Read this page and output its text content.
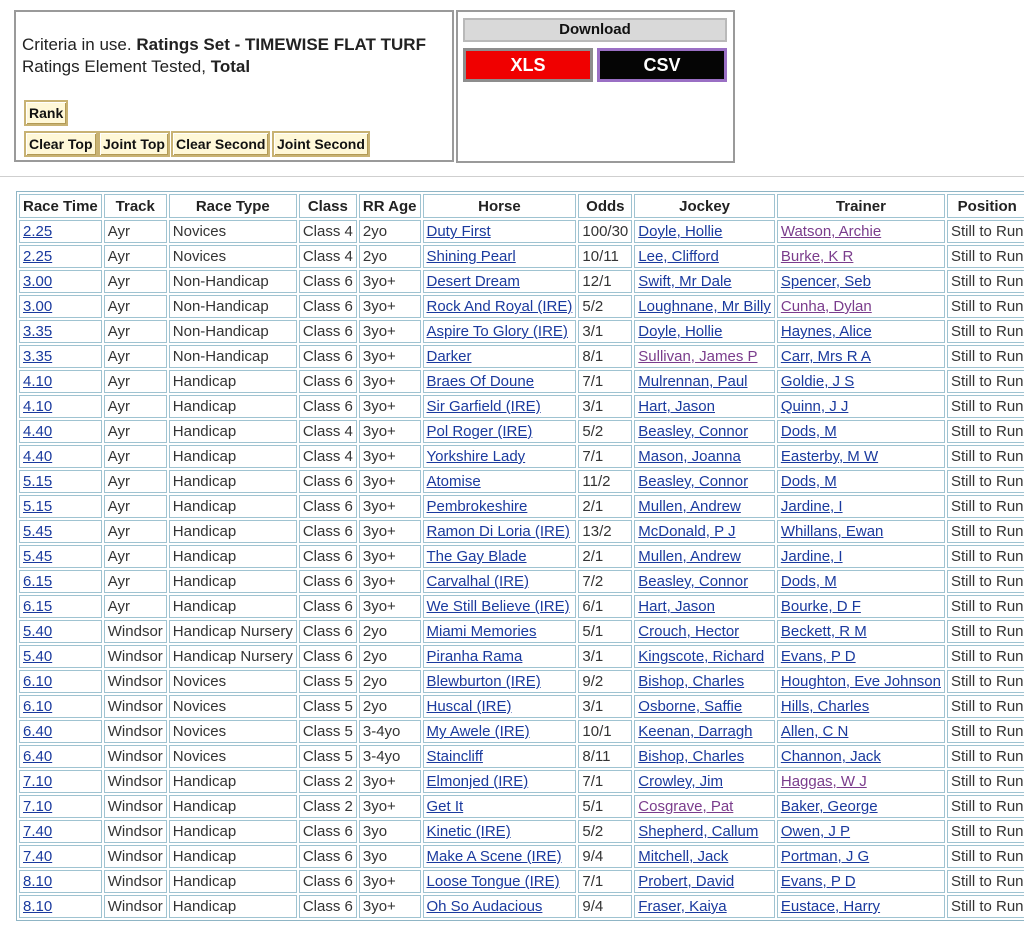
Criteria in use. Ratings Set - TIMEWISE FLAT TURF
Ratings Element Tested, Total
Rank
Clear Top Joint Top Clear Second Joint Second
Download
XLS	CSV
Race Time	Track	Race Type	Class	RR Age	Horse	Odds	Jockey	Trainer	Position
2.25	Ayr	Novices	Class 4	2yo	Duty First	100/30	Doyle, Hollie	Watson, Archie	Still to Run
2.25	Ayr	Novices	Class 4	2yo	Shining Pearl	10/11	Lee, Clifford	Burke, K R	Still to Run
3.00	Ayr	Non-Handicap	Class 6	3yo+	Desert Dream	12/1	Swift, Mr Dale	Spencer, Seb	Still to Run
3.00	Ayr	Non-Handicap	Class 6	3yo+	Rock And Royal (IRE)	5/2	Loughnane, Mr Billy	Cunha, Dylan	Still to Run
3.35	Ayr	Non-Handicap	Class 6	3yo+	Aspire To Glory (IRE)	3/1	Doyle, Hollie	Haynes, Alice	Still to Run
3.35	Ayr	Non-Handicap	Class 6	3yo+	Darker	8/1	Sullivan, James P	Carr, Mrs R A	Still to Run
4.10	Ayr	Handicap	Class 6	3yo+	Braes Of Doune	7/1	Mulrennan, Paul	Goldie, J S	Still to Run
4.10	Ayr	Handicap	Class 6	3yo+	Sir Garfield (IRE)	3/1	Hart, Jason	Quinn, J J	Still to Run
4.40	Ayr	Handicap	Class 4	3yo+	Pol Roger (IRE)	5/2	Beasley, Connor	Dods, M	Still to Run
4.40	Ayr	Handicap	Class 4	3yo+	Yorkshire Lady	7/1	Mason, Joanna	Easterby, M W	Still to Run
5.15	Ayr	Handicap	Class 6	3yo+	Atomise	11/2	Beasley, Connor	Dods, M	Still to Run
5.15	Ayr	Handicap	Class 6	3yo+	Pembrokeshire	2/1	Mullen, Andrew	Jardine, I	Still to Run
5.45	Ayr	Handicap	Class 6	3yo+	Ramon Di Loria (IRE)	13/2	McDonald, P J	Whillans, Ewan	Still to Run
5.45	Ayr	Handicap	Class 6	3yo+	The Gay Blade	2/1	Mullen, Andrew	Jardine, I	Still to Run
6.15	Ayr	Handicap	Class 6	3yo+	Carvalhal (IRE)	7/2	Beasley, Connor	Dods, M	Still to Run
6.15	Ayr	Handicap	Class 6	3yo+	We Still Believe (IRE)	6/1	Hart, Jason	Bourke, D F	Still to Run
5.40	Windsor	Handicap Nursery	Class 6	2yo	Miami Memories	5/1	Crouch, Hector	Beckett, R M	Still to Run
5.40	Windsor	Handicap Nursery	Class 6	2yo	Piranha Rama	3/1	Kingscote, Richard	Evans, P D	Still to Run
6.10	Windsor	Novices	Class 5	2yo	Blewburton (IRE)	9/2	Bishop, Charles	Houghton, Eve Johnson	Still to Run
6.10	Windsor	Novices	Class 5	2yo	Huscal (IRE)	3/1	Osborne, Saffie	Hills, Charles	Still to Run
6.40	Windsor	Novices	Class 5	3-4yo	My Awele (IRE)	10/1	Keenan, Darragh	Allen, C N	Still to Run
6.40	Windsor	Novices	Class 5	3-4yo	Staincliff	8/11	Bishop, Charles	Channon, Jack	Still to Run
7.10	Windsor	Handicap	Class 2	3yo+	Elmonjed (IRE)	7/1	Crowley, Jim	Haggas, W J	Still to Run
7.10	Windsor	Handicap	Class 2	3yo+	Get It	5/1	Cosgrave, Pat	Baker, George	Still to Run
7.40	Windsor	Handicap	Class 6	3yo	Kinetic (IRE)	5/2	Shepherd, Callum	Owen, J P	Still to Run
7.40	Windsor	Handicap	Class 6	3yo	Make A Scene (IRE)	9/4	Mitchell, Jack	Portman, J G	Still to Run
8.10	Windsor	Handicap	Class 6	3yo+	Loose Tongue (IRE)	7/1	Probert, David	Evans, P D	Still to Run
8.10	Windsor	Handicap	Class 6	3yo+	Oh So Audacious	9/4	Fraser, Kaiya	Eustace, Harry	Still to Run
